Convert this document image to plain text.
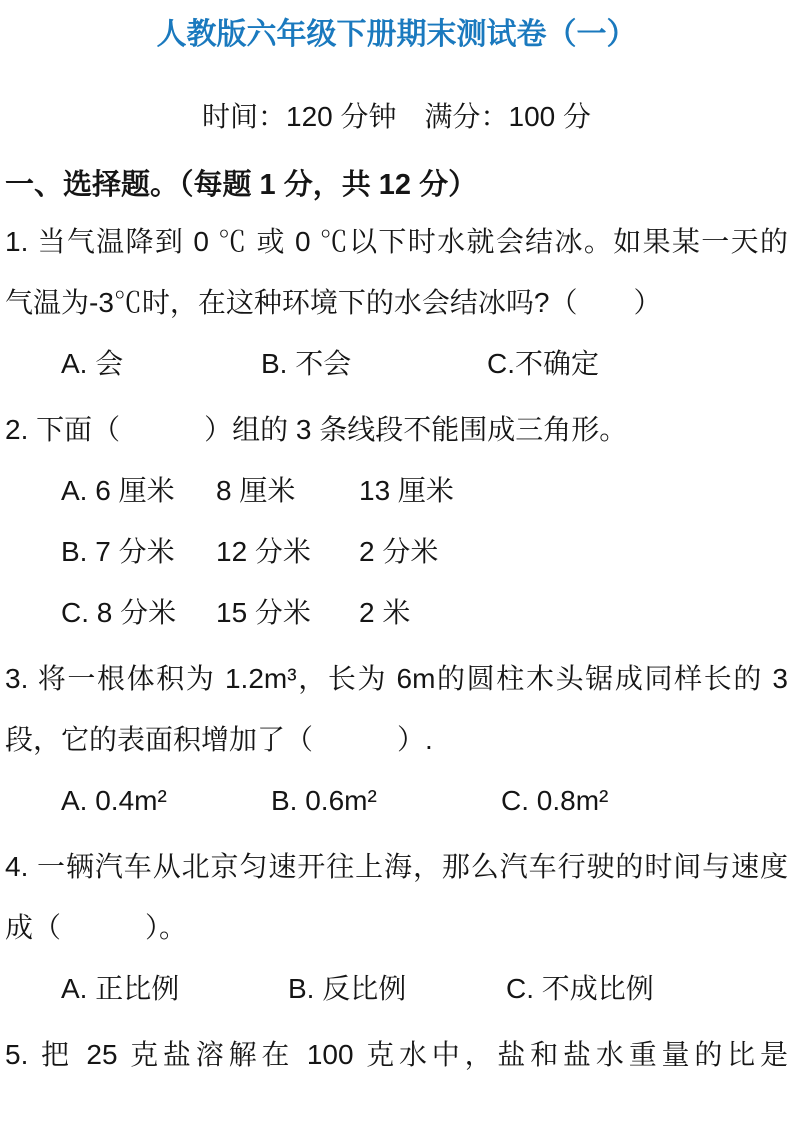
人教版六年级下册期末测试卷（一）

时间：120 分钟　满分：100 分

一、选择题。（每题 1 分，共 12 分）
1. 当气温降到 0 ℃ 或 0 ℃以下时水就会结冰。如果某一天的
气温为-3℃时，在这种环境下的水会结冰吗?（　　）
A. 会	B. 不会	C.不确定
2. 下面（　　　）组的 3 条线段不能围成三角形。
A. 6 厘米	8 厘米	13 厘米
B. 7 分米	12 分米	2 分米
C. 8 分米	15 分米	2 米
3. 将一根体积为 1.2m³，长为 6m的圆柱木头锯成同样长的 3
段，它的表面积增加了（　　　）.
A. 0.4m²	B. 0.6m²	C. 0.8m²
4. 一辆汽车从北京匀速开往上海，那么汽车行驶的时间与速度
成（　　　）。
A. 正比例	B. 反比例	C. 不成比例
5. 把 25 克盐溶解在 100 克水中，盐和盐水重量的比是
